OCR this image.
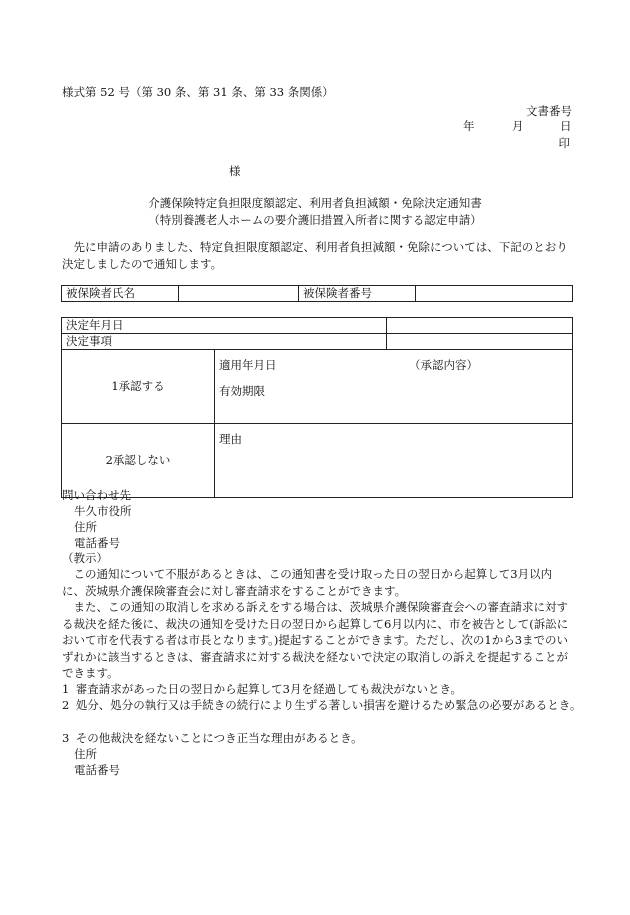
様式第 52 号（第 30 条、第 31 条、第 33 条関係）
文書番号
年	月	日
印
様
介護保険特定負担限度額認定、利用者負担減額・免除決定通知書
（特別養護老人ホームの要介護旧措置入所者に関する認定申請）

先に申請のありました、特定負担限度額認定、利用者負担減額・免除については、下記のとおり決定しましたので通知します。

被保険者氏名		被保険者番号	
決定年月日		
決定事項		
1承認する	適用年月日 （承認内容）
有効期限	

2承認しない	理由	
問い合わせ先
牛久市役所
住所
電話番号
（教示）

この通知について不服があるときは、この通知書を受け取った日の翌日から起算して3月以内に、茨城県介護保険審査会に対し審査請求をすることができます。

また、この通知の取消しを求める訴えをする場合は、茨城県介護保険審査会への審査請求に対する裁決を経た後に、裁決の通知を受けた日の翌日から起算して6月以内に、市を被告として(訴訟において市を代表する者は市長となります。)提起することができます。ただし、次の1から3までのいずれかに該当するときは、審査請求に対する裁決を経ないで決定の取消しの訴えを提起することができます。

1 審査請求があった日の翌日から起算して3月を経過しても裁決がないとき。

2 処分、処分の執行又は手続きの続行により生ずる著しい損害を避けるため緊急の必要があるとき。

3 その他裁決を経ないことにつき正当な理由があるとき。

住所
電話番号
